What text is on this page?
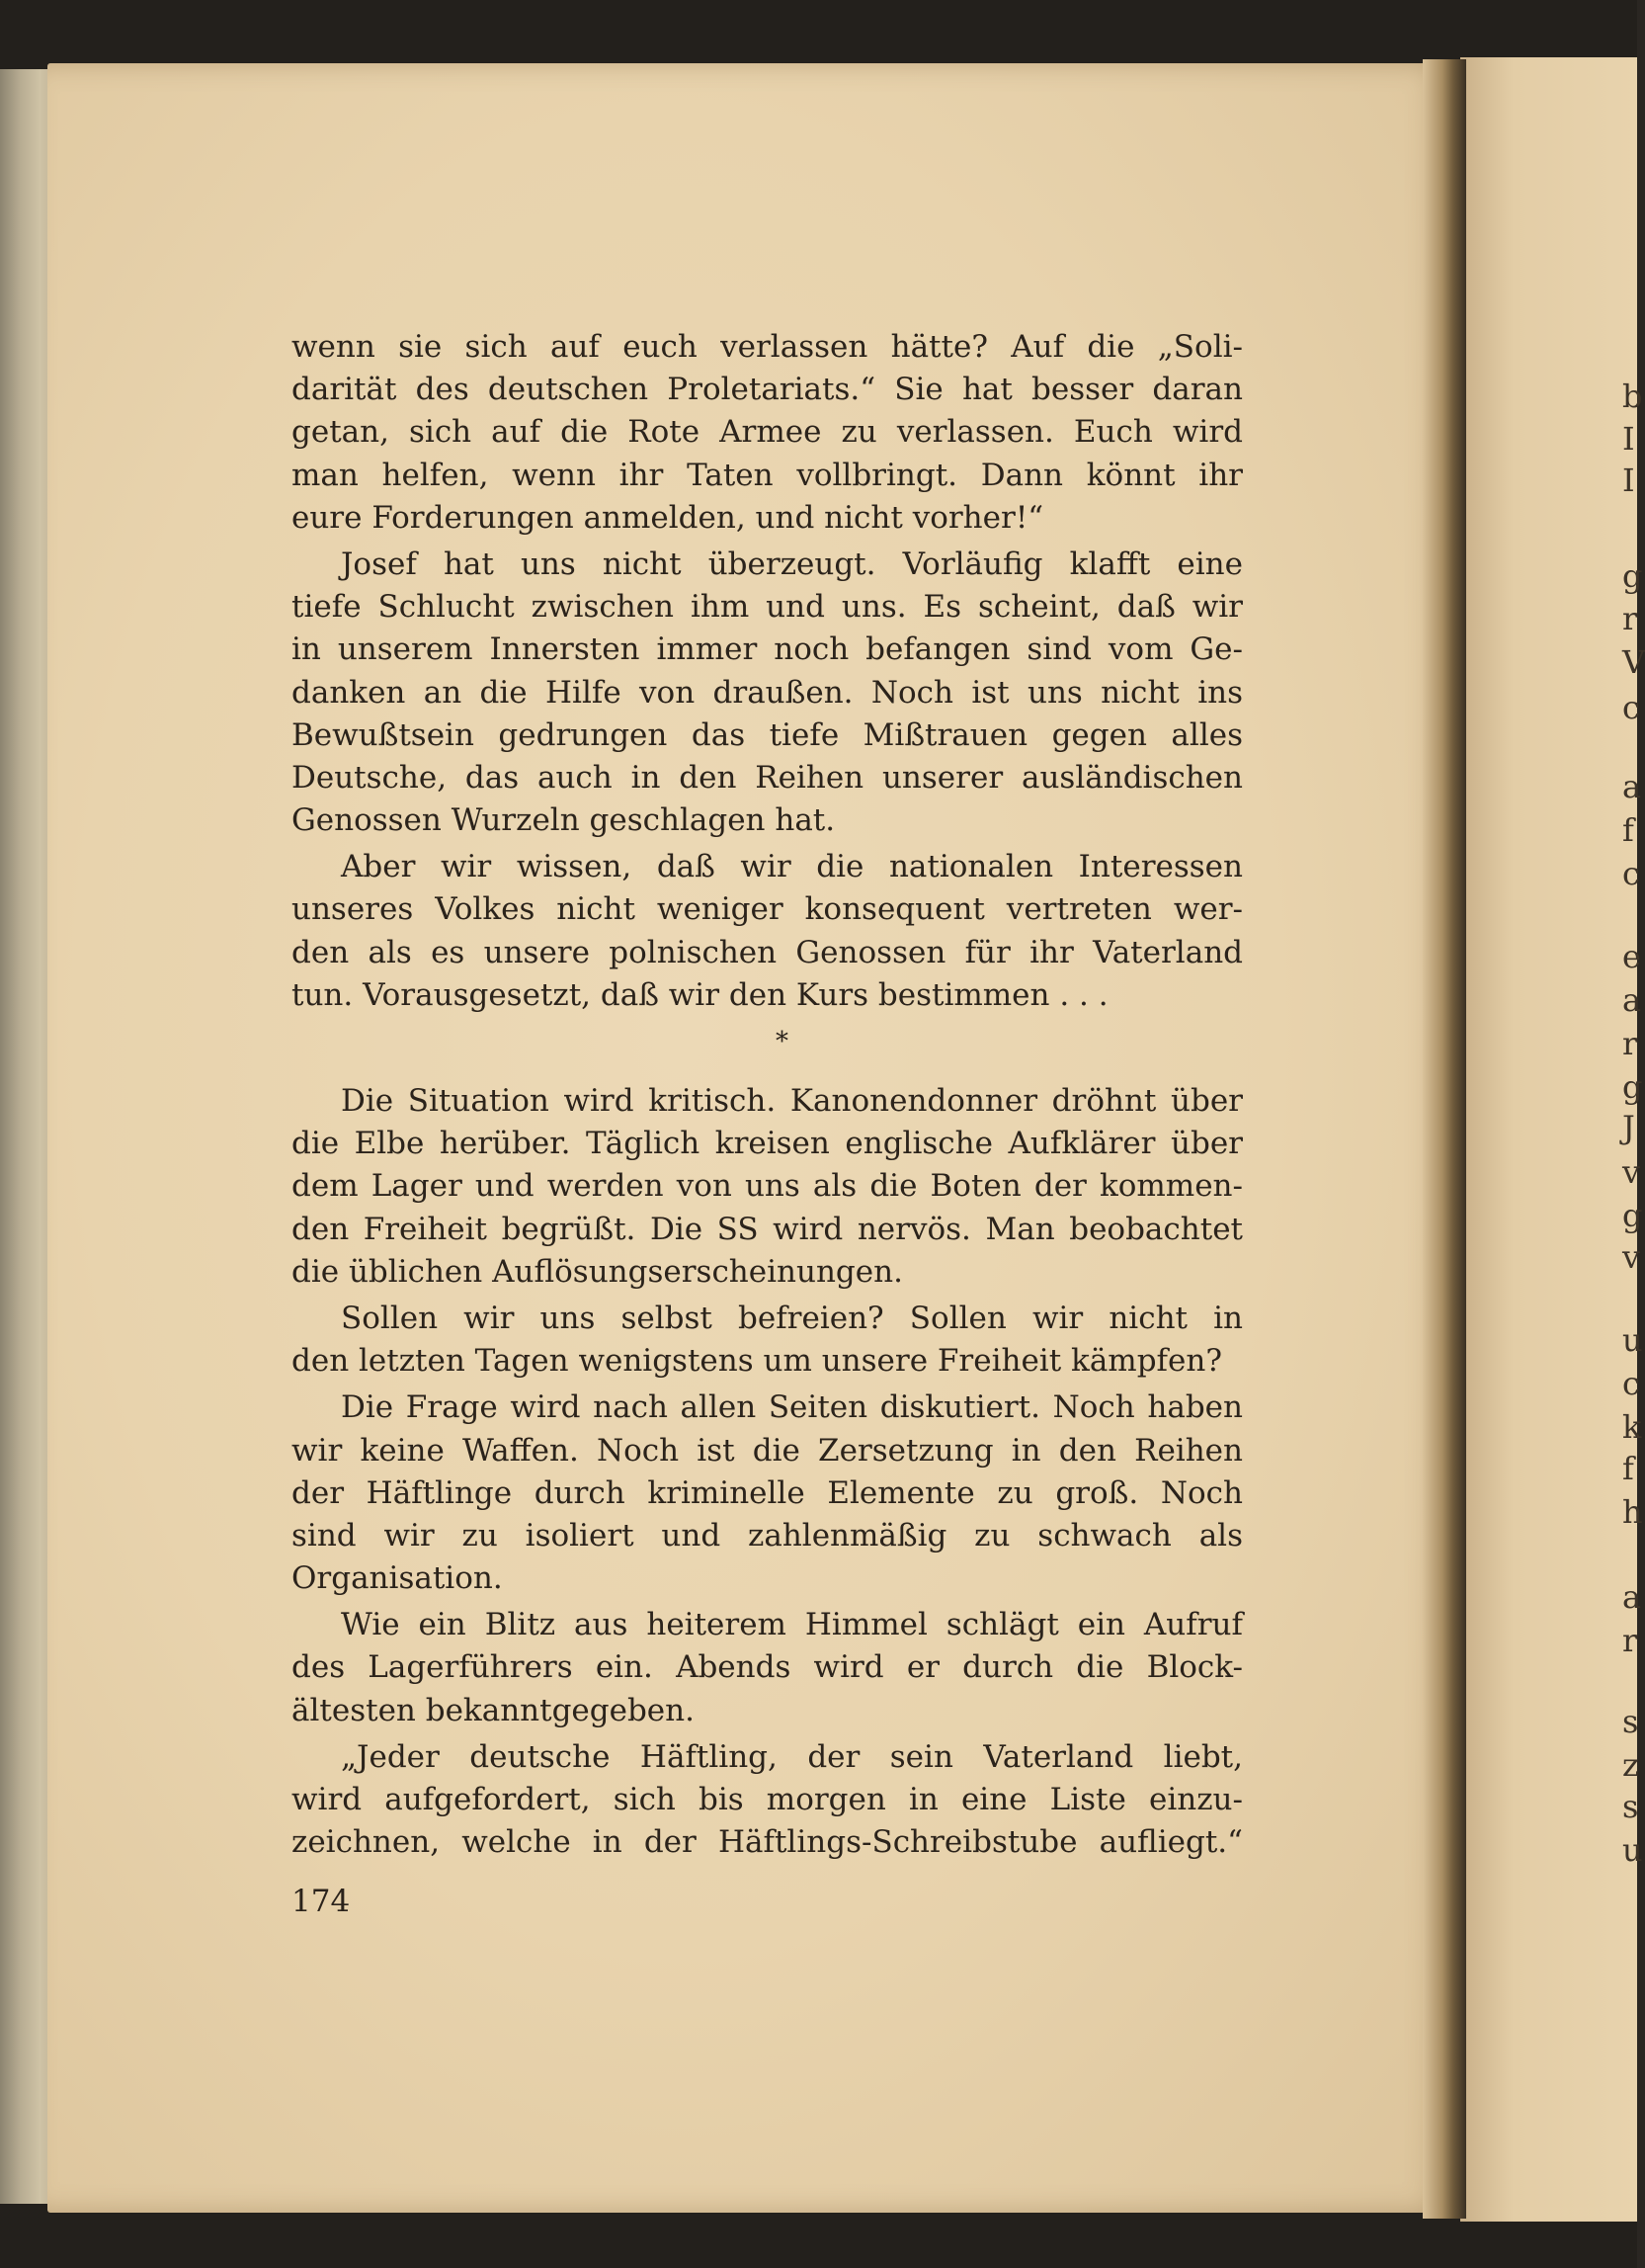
wenn sie sich auf euch verlassen hätte? Auf die „Soli-
darität des deutschen Proletariats.“ Sie hat besser daran
getan, sich auf die Rote Armee zu verlassen. Euch wird
man helfen, wenn ihr Taten vollbringt. Dann könnt ihr
eure Forderungen anmelden, und nicht vorher!“
Josef hat uns nicht überzeugt. Vorläufig klafft eine
tiefe Schlucht zwischen ihm und uns. Es scheint, daß wir
in unserem Innersten immer noch befangen sind vom Ge-
danken an die Hilfe von draußen. Noch ist uns nicht ins
Bewußtsein gedrungen das tiefe Mißtrauen gegen alles
Deutsche, das auch in den Reihen unserer ausländischen
Genossen Wurzeln geschlagen hat.
Aber wir wissen, daß wir die nationalen Interessen
unseres Volkes nicht weniger konsequent vertreten wer-
den als es unsere polnischen Genossen für ihr Vaterland
tun. Vorausgesetzt, daß wir den Kurs bestimmen . . .
*
Die Situation wird kritisch. Kanonendonner dröhnt über
die Elbe herüber. Täglich kreisen englische Aufklärer über
dem Lager und werden von uns als die Boten der kommen-
den Freiheit begrüßt. Die SS wird nervös. Man beobachtet
die üblichen Auflösungserscheinungen.
Sollen wir uns selbst befreien? Sollen wir nicht in
den letzten Tagen wenigstens um unsere Freiheit kämpfen?
Die Frage wird nach allen Seiten diskutiert. Noch haben
wir keine Waffen. Noch ist die Zersetzung in den Reihen
der Häftlinge durch kriminelle Elemente zu groß. Noch
sind wir zu isoliert und zahlenmäßig zu schwach als
Organisation.
Wie ein Blitz aus heiterem Himmel schlägt ein Aufruf
des Lagerführers ein. Abends wird er durch die Block-
ältesten bekanntgegeben.
„Jeder deutsche Häftling, der sein Vaterland liebt,
wird aufgefordert, sich bis morgen in eine Liste einzu-
zeichnen, welche in der Häftlings-Schreibstube aufliegt.“
174
b
I
I
g
r
V
c
a
f
c
e
a
r
g
J
v
g
v
u
c
k
f
h
a
r
s
z
s
u
